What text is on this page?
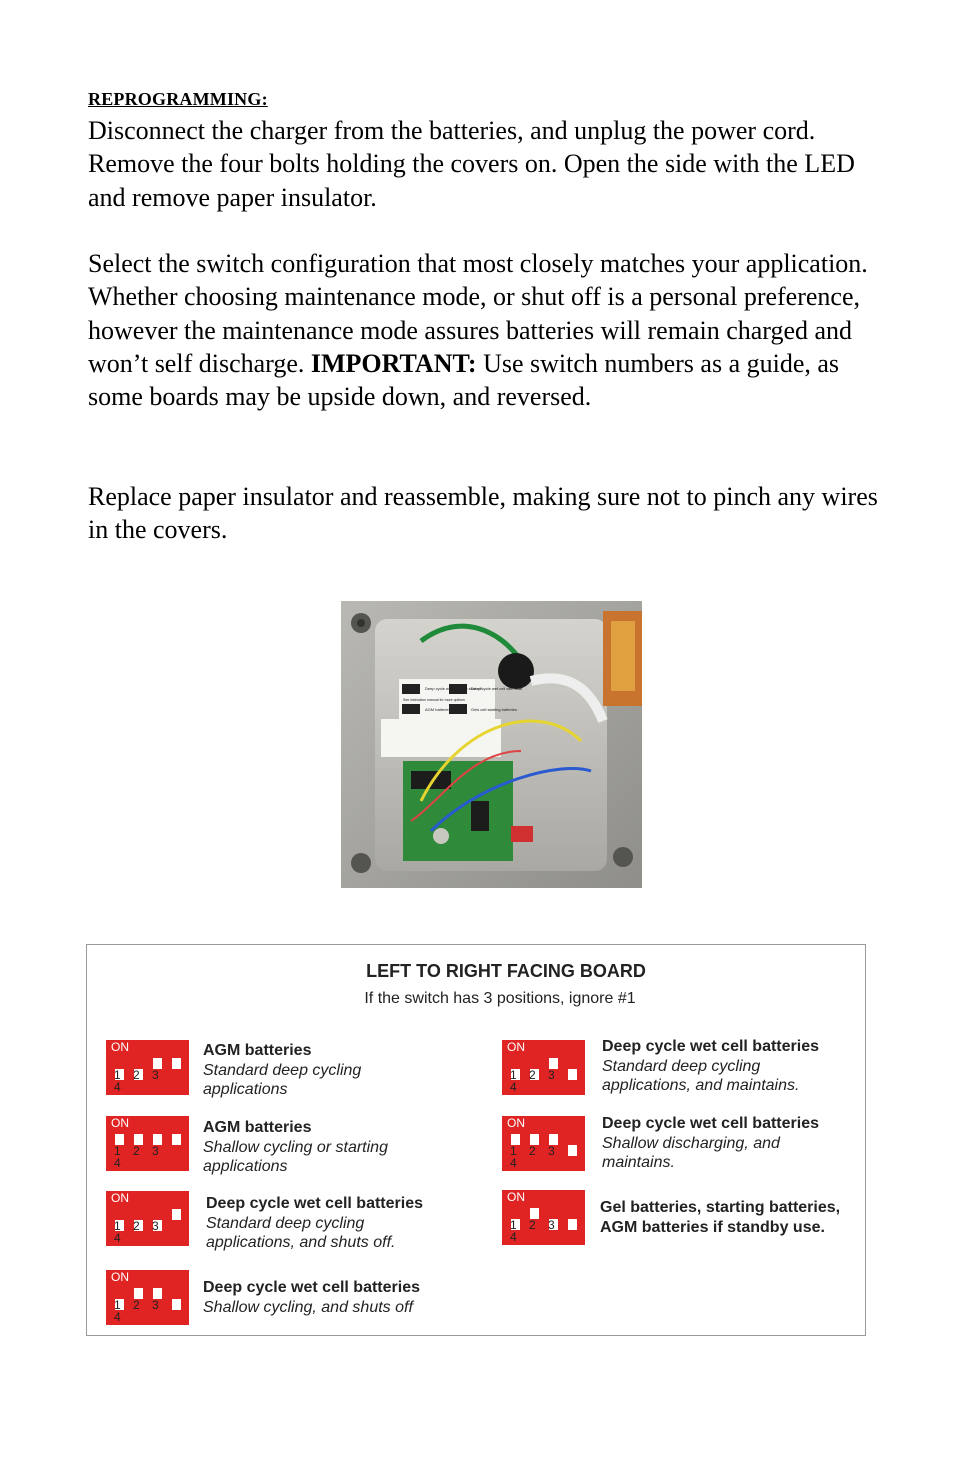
REPROGRAMMING:

Disconnect the charger from the batteries, and unplug the power cord. Remove the four bolts holding the covers on. Open the side with the LED and remove paper insulator.

Select the switch configuration that most closely matches your application. Whether choosing maintenance mode, or shut off is a personal preference, however the maintenance mode assures batteries will remain charged and won’t self discharge. IMPORTANT: Use switch numbers as a guide, as some boards may be upside down, and reversed.

Replace paper insulator and reassemble, making sure not to pinch any wires in the covers.

Deep cycle wet cell with shut off
Deep cycle wet cell with float
See instruction manual for more options
AGM batteries	Gels cell starting batteries
LEFT TO RIGHT FACING BOARD
If the switch has 3 positions, ignore #1
ON
1 2 34
AGM batteries
Standard deep cycling
applications
ON
1 2 34
AGM batteries
Shallow cycling or starting
applications
ON
1 2 34
Deep cycle wet cell batteries
Standard deep cycling
applications, and shuts off.
ON
1 2 34
Deep cycle wet cell batteries
Shallow cycling, and shuts off
ON
1 2 34
Deep cycle wet cell batteries
Standard deep cycling
applications, and maintains.
ON
1 2 34
Deep cycle wet cell batteries
Shallow discharging, and
maintains.
ON
1 2 34
Gel batteries, starting batteries,
AGM batteries if standby use.
